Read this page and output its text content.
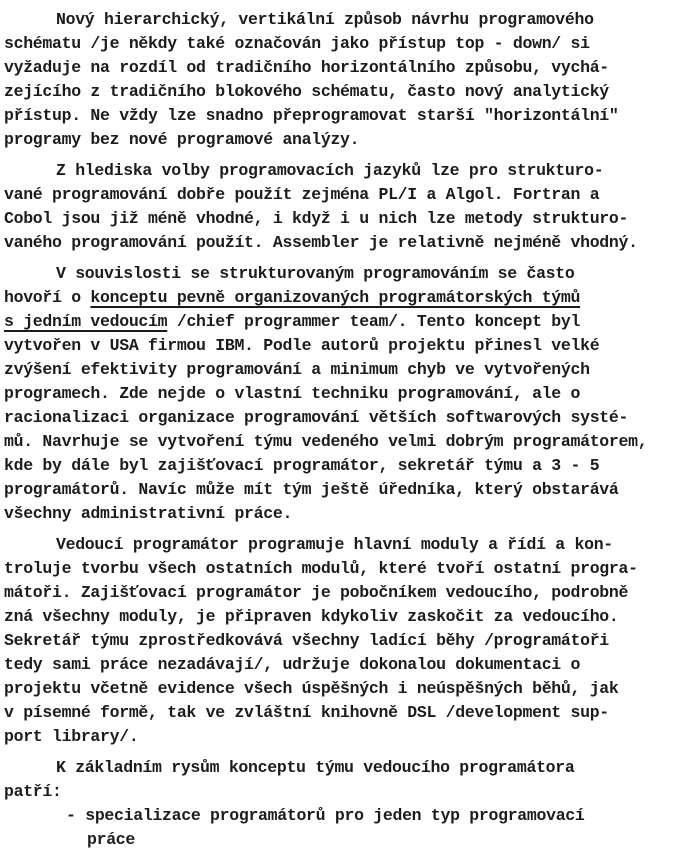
Nový hierarchický, vertikální způsob návrhu programového
schématu /je někdy také označován jako přístup top - down/ si
vyžaduje na rozdíl od tradičního horizontálního způsobu, vychá-
zejícího z tradičního blokového schématu, často nový analytický
přístup. Ne vždy lze snadno přeprogramovat starší "horizontální"
programy bez nové programové analýzy.
Z hlediska volby programovacích jazyků lze pro strukturo-
vané programování dobře použít zejména PL/I a Algol. Fortran a
Cobol jsou již méně vhodné, i když i u nich lze metody strukturo-
vaného programování použít. Assembler je relativně nejméně vhodný.
V souvislosti se strukturovaným programováním se často
hovoří o konceptu pevně organizovaných programátorských týmů
s jedním vedoucím /chief programmer team/. Tento koncept byl
vytvořen v USA firmou IBM. Podle autorů projektu přinesl velké
zvýšení efektivity programování a minimum chyb ve vytvořených
programech. Zde nejde o vlastní techniku programování, ale o
racionalizaci organizace programování větších softwarových systé-
mů. Navrhuje se vytvoření týmu vedeného velmi dobrým programátorem,
kde by dále byl zajišťovací programátor, sekretář týmu a 3 - 5
programátorů. Navíc může mít tým ještě úředníka, který obstarává
všechny administrativní práce.
Vedoucí programátor programuje hlavní moduly a řídí a kon-
troluje tvorbu všech ostatních modulů, které tvoří ostatní progra-
mátoři. Zajišťovací programátor je pobočníkem vedoucího, podrobně
zná všechny moduly, je připraven kdykoliv zaskočit za vedoucího.
Sekretář týmu zprostředkovává všechny ladící běhy /programátoři
tedy sami práce nezadávají/, udržuje dokonalou dokumentaci o
projektu včetně evidence všech úspěšných i neúspěšných běhů, jak
v písemné formě, tak ve zvláštní knihovně DSL /development sup-
port library/.
K základním rysům konceptu týmu vedoucího programátora
patří:
- specializace programátorů pro jeden typ programovací
práce
